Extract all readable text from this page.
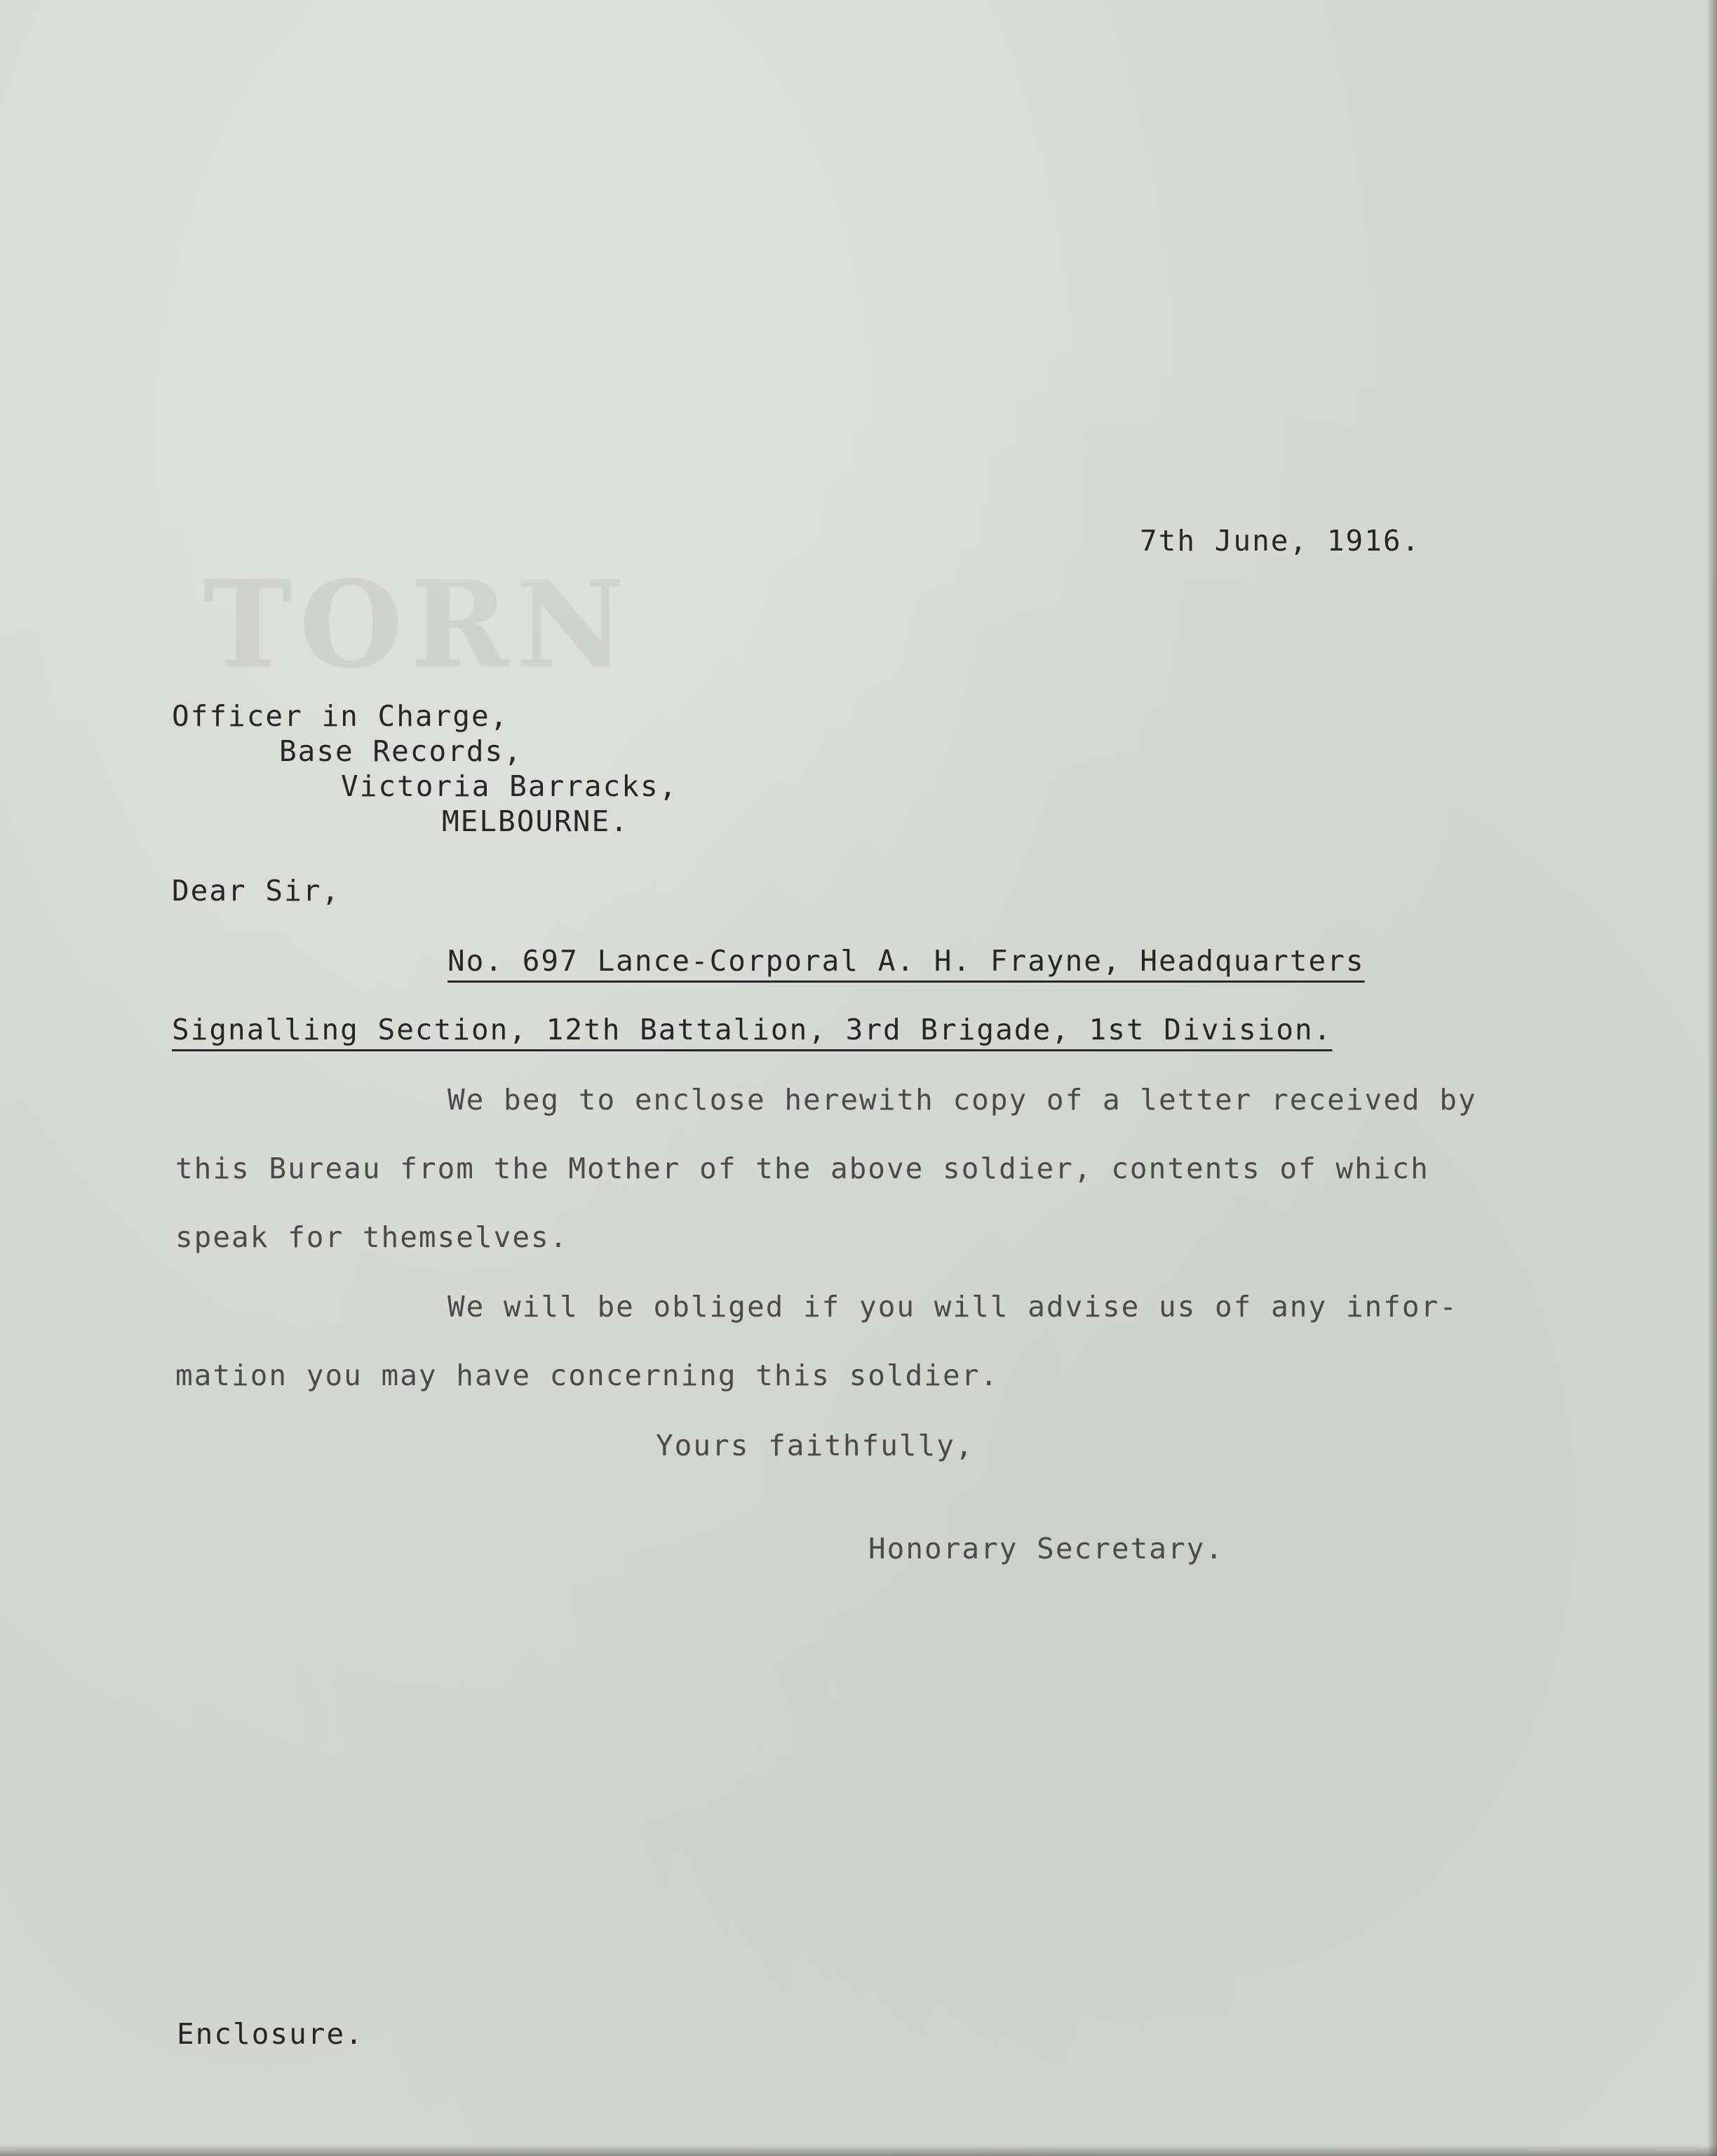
TORN
7th June, 1916.
Officer in Charge,
Base Records,
Victoria Barracks,
MELBOURNE.
Dear Sir,
No. 697 Lance-Corporal A. H. Frayne, Headquarters
Signalling Section, 12th Battalion, 3rd Brigade, 1st Division.
We beg to enclose herewith copy of a letter received by
this Bureau from the Mother of the above soldier, contents of which
speak for themselves.
We will be obliged if you will advise us of any infor-
mation you may have concerning this soldier.
Yours faithfully,
Honorary Secretary.
Enclosure.
